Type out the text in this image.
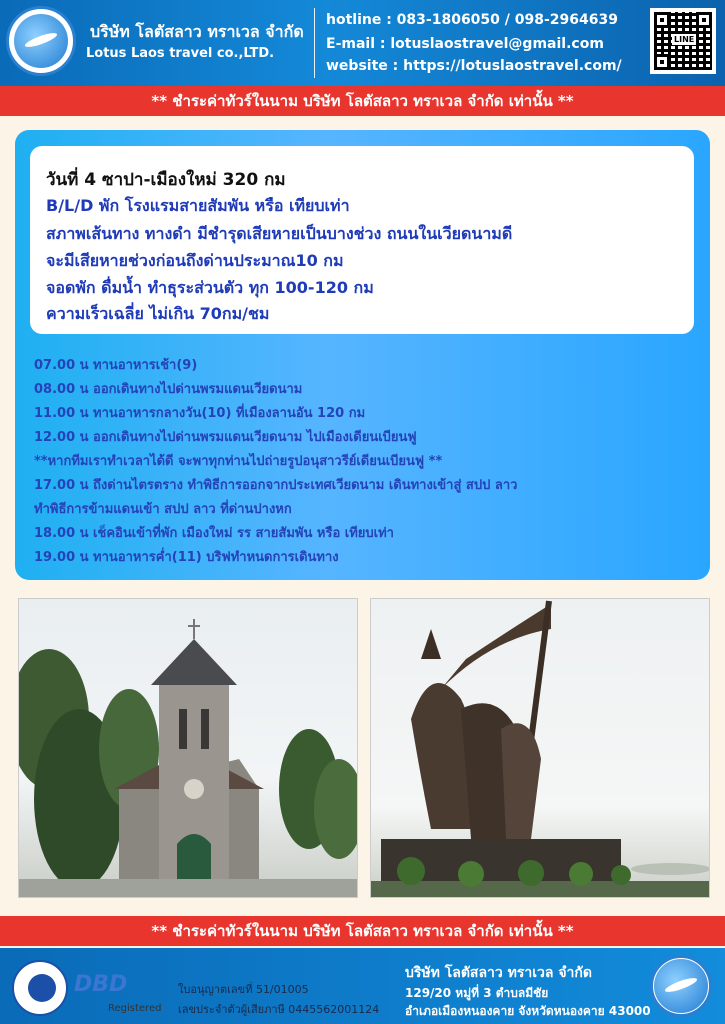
บริษัท โลตัสลาว ทราเวล จำกัด
Lotus Laos travel co.,LTD.
hotline : 083-1806050 / 098-2964639
E-mail : lotuslaostravel@gmail.com
website : https://lotuslaostravel.com/
LINE
** ชำระค่าทัวร์ในนาม บริษัท โลตัสลาว ทราเวล จำกัด เท่านั้น **
วันที่ 4 ซาปา-เมืองใหม่ 320 กม
B/L/D พัก โรงแรมสายสัมพัน หรือ เทียบเท่า
สภาพเส้นทาง ทางดำ มีชำรุดเสียหายเป็นบางช่วง ถนนในเวียดนามดี
จะมีเสียหายช่วงก่อนถึงด่านประมาณ10 กม
จอดพัก ดื่มน้ำ ทำธุระส่วนตัว ทุก 100-120 กม
ความเร็วเฉลี่ย ไม่เกิน 70กม/ชม
07.00 น ทานอาหารเช้า(9)
08.00 น ออกเดินทางไปด่านพรมแดนเวียดนาม
11.00 น ทานอาหารกลางวัน(10) ที่เมืองลานอัน 120 กม
12.00 น ออกเดินทางไปด่านพรมแดนเวียดนาม ไปเมืองเดียนเบียนฟู
**หากทีมเราทำเวลาได้ดี จะพาทุกท่านไปถ่ายรูปอนุสาวรีย์เดียนเบียนฟู **
17.00 น ถึงด่านไตรตราง ทำพิธีการออกจากประเทศเวียดนาม เดินทางเข้าสู่ สปป ลาว
ทำพิธีการข้ามแดนเข้า สปป ลาว ที่ด่านปางหก
18.00 น เช็คอินเข้าที่พัก เมืองใหม่ รร สายสัมพัน หรือ เทียบเท่า
19.00 น ทานอาหารค่ำ(11) บริฟทำหนดการเดินทาง
** ชำระค่าทัวร์ในนาม บริษัท โลตัสลาว ทราเวล จำกัด เท่านั้น **
DBD
Registered
ใบอนุญาตเลขที่ 51/01005
เลขประจำตัวผู้เสียภาษี 0445562001124
บริษัท โลตัสลาว ทราเวล จำกัด
129/20 หมู่ที่ 3 ตำบลมีชัย
อำเภอเมืองหนองคาย จังหวัดหนองคาย 43000
